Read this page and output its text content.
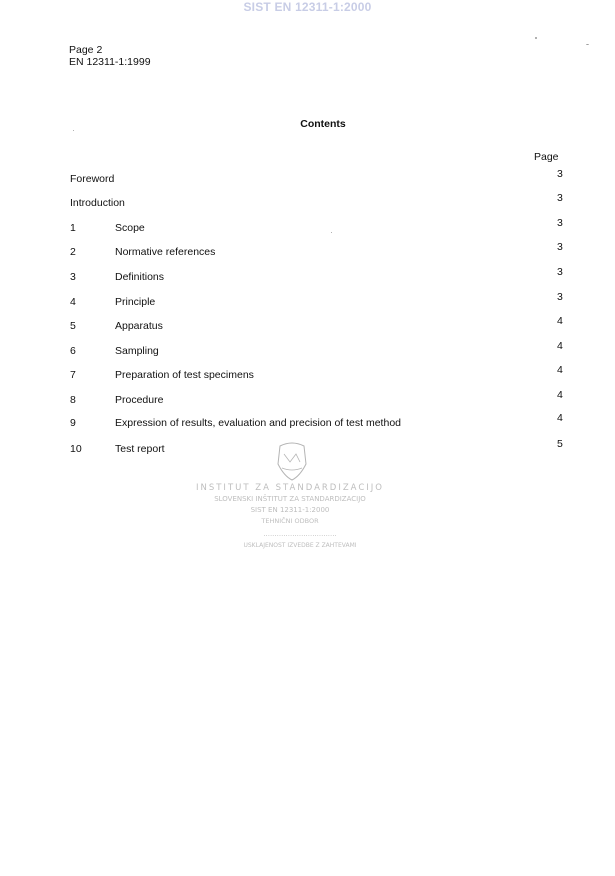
SIST EN 12311-1:2000
Page 2
EN 12311-1:1999
Contents
Page
Foreword	3
Introduction	3
1	Scope	3
2	Normative references	3
3	Definitions	3
4	Principle	3
5	Apparatus	4
6	Sampling	4
7	Preparation of test specimens	4
8	Procedure	4
9	Expression of results, evaluation and precision of test method	4
10	Test report	5
INSTITUT ZA STANDARDIZACIJO
SLOVENSKI INŠTITUT ZA STANDARDIZACIJO
SIST EN 12311-1:2000
TEHNIČNI ODBOR
.................................
USKLAJENOST IZVEDBE Z ZAHTEVAMI
